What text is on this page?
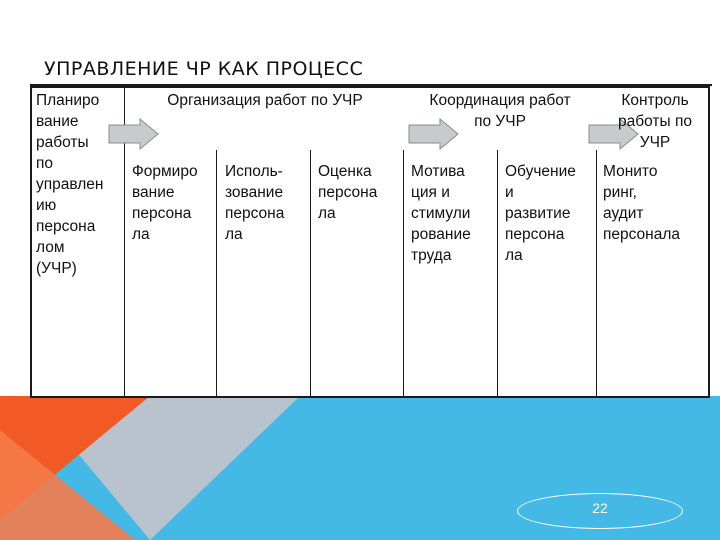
УПРАВЛЕНИЕ ЧР КАК ПРОЦЕСС
Планиро
вание
работы
по
управлен
ию
персона
лом
(УЧР)
Организация работ по УЧР	Координация работ
по УЧР
Контроль
работы по
УЧР
Формиро
вание
персона
ла
Исполь-
зование
персона
ла
Оценка
персона
ла
Мотива
ция и
стимули
рование
труда
Обучение
и
развитие
персона
ла
Монито
ринг,
аудит
персонала
22
